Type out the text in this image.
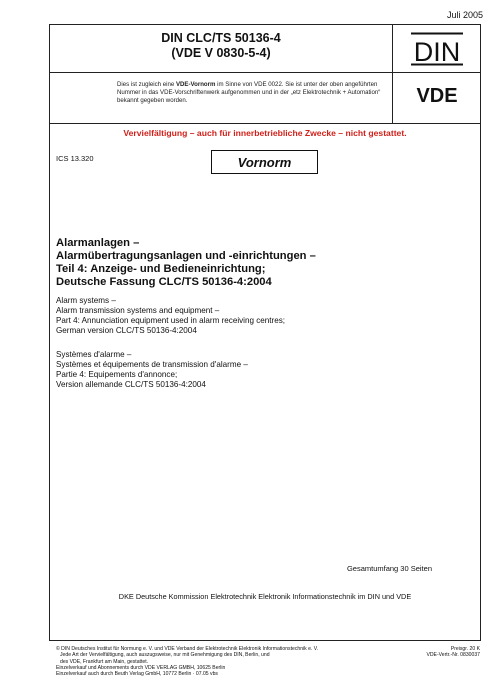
Juli 2005
DIN CLC/TS 50136-4
(VDE V 0830-5-4)	DIN
VDE
Dies ist zugleich eine VDE-Vornorm im Sinne von VDE 0022. Sie ist unter der oben angeführten Nummer in das VDE-Vorschriftenwerk aufgenommen und in der „etz Elektrotechnik + Automation“ bekannt gegeben worden.
Vervielfältigung – auch für innerbetriebliche Zwecke – nicht gestattet.
ICS 13.320	Vornorm
Alarmanlagen –
Alarmübertragungsanlagen und -einrichtungen –
Teil 4: Anzeige- und Bedieneinrichtung;
Deutsche Fassung CLC/TS 50136-4:2004
Alarm systems –
Alarm transmission systems and equipment –
Part 4: Annunciation equipment used in alarm receiving centres;
German version CLC/TS 50136-4:2004
Systèmes d'alarme –
Systèmes et équipements de transmission d'alarme –
Partie 4: Equipements d'annonce;
Version allemande CLC/TS 50136-4:2004
Gesamtumfang 30 Seiten
DKE Deutsche Kommission Elektrotechnik Elektronik Informationstechnik im DIN und VDE
© DIN Deutsches Institut für Normung e. V. und VDE Verband der Elektrotechnik Elektronik Informationstechnik e. V.
Jede Art der Vervielfältigung, auch auszugsweise, nur mit Genehmigung des DIN, Berlin, und
des VDE, Frankfurt am Main, gestattet.
Einzelverkauf und Abonnements durch VDE VERLAG GMBH, 10625 Berlin
Einzelverkauf auch durch Beuth Verlag GmbH, 10772 Berlin · 07.05 vbs
Preisgr. 20 K
VDE-Vertr.-Nr. 0830037
